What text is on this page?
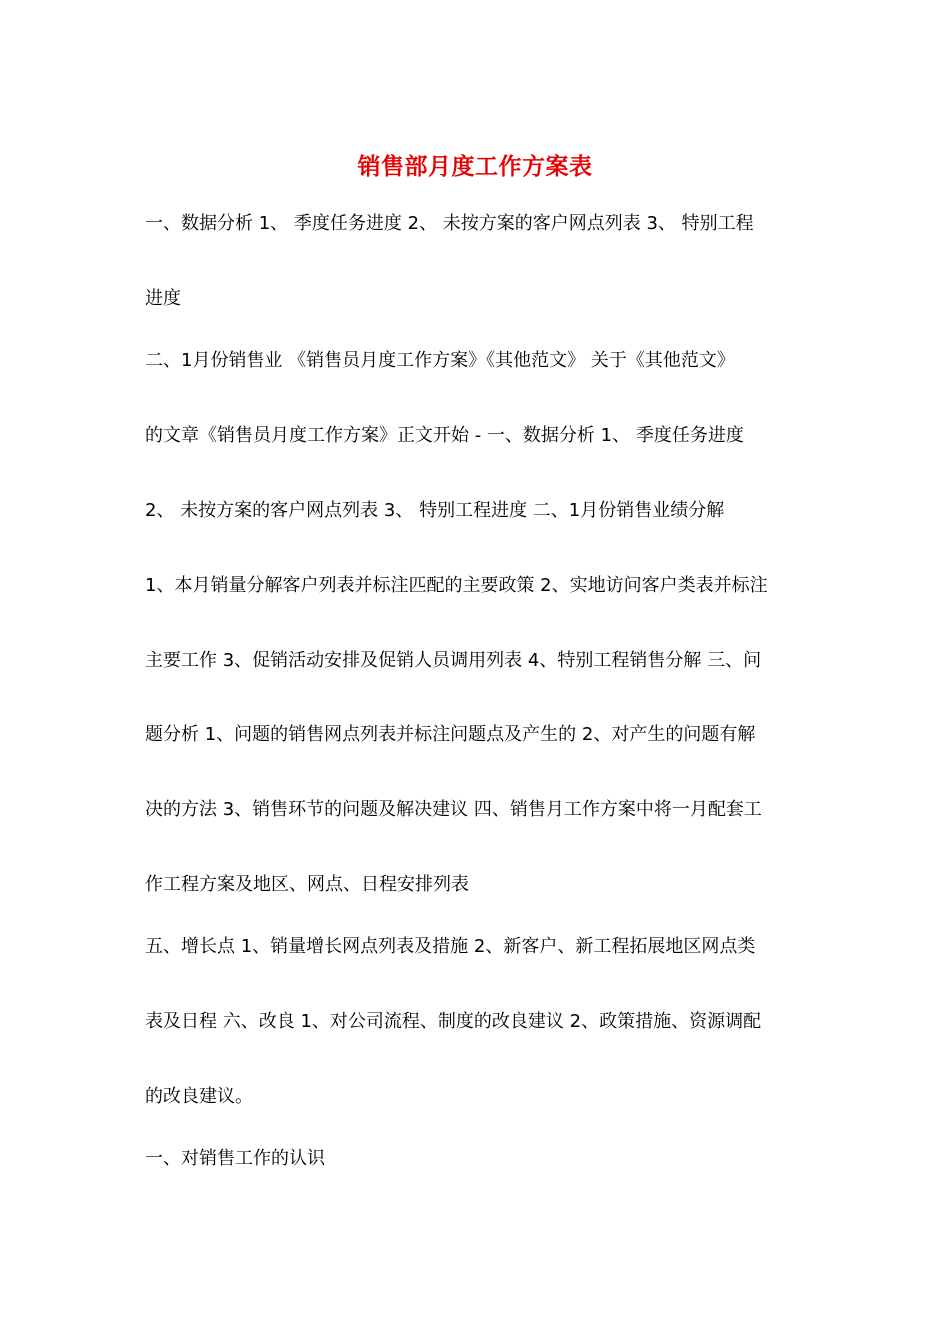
销售部月度工作方案表
一、数据分析 1、 季度任务进度 2、 未按方案的客户网点列表 3、 特别工程
进度
二、1月份销售业 《销售员月度工作方案》《其他范文》 关于《其他范文》
的文章《销售员月度工作方案》正文开始 - 一、数据分析 1、 季度任务进度
2、 未按方案的客户网点列表 3、 特别工程进度 二、1月份销售业绩分解
1、本月销量分解客户列表并标注匹配的主要政策 2、实地访问客户类表并标注
主要工作 3、促销活动安排及促销人员调用列表 4、特别工程销售分解 三、问
题分析 1、问题的销售网点列表并标注问题点及产生的 2、对产生的问题有解
决的方法 3、销售环节的问题及解决建议 四、销售月工作方案中将一月配套工
作工程方案及地区、网点、日程安排列表
五、增长点 1、销量增长网点列表及措施 2、新客户、新工程拓展地区网点类
表及日程 六、改良 1、对公司流程、制度的改良建议 2、政策措施、资源调配
的改良建议。
一、对销售工作的认识
